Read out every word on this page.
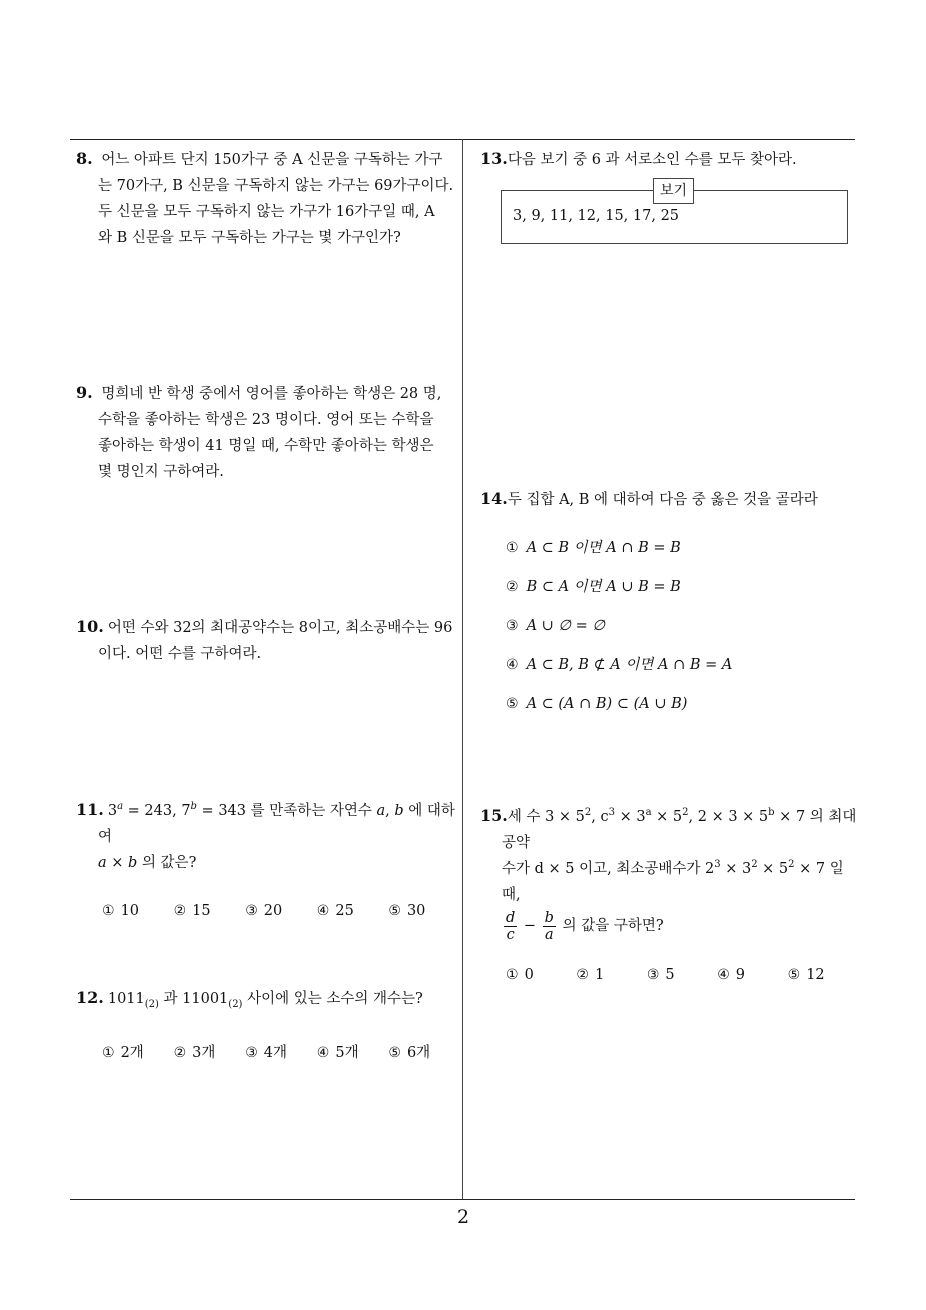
2
8. 어느 아파트 단지 150가구 중 A 신문을 구독하는 가구
는 70가구, B 신문을 구독하지 않는 가구는 69가구이다.
두 신문을 모두 구독하지 않는 가구가 16가구일 때, A
와 B 신문을 모두 구독하는 가구는 몇 가구인가?
9. 명희네 반 학생 중에서 영어를 좋아하는 학생은 28 명,
수학을 좋아하는 학생은 23 명이다. 영어 또는 수학을
좋아하는 학생이 41 명일 때, 수학만 좋아하는 학생은
몇 명인지 구하여라.
10. 어떤 수와 32의 최대공약수는 8이고, 최소공배수는 96
이다. 어떤 수를 구하여라.
11. $3^a = 243$, $7^b = 343$ 를 만족하는 자연수 a, b 에 대하여
a × b 의 값은?
① 10	② 15	③ 20	④ 25	⑤ 30
12. $1011_{(2)}$ 과 $11001_{(2)}$ 사이에 있는 소수의 개수는?
① 2개	② 3개	③ 4개	④ 5개	⑤ 6개
13.다음 보기 중 6 과 서로소인 수를 모두 찾아라.
보기
3, 9, 11, 12, 15, 17, 25
14.두 집합 A, B 에 대하여 다음 중 옳은 것을 골라라
① A ⊂ B 이면 A ∩ B = B
② B ⊂ A 이면 A ∪ B = B
③ A ∪ ∅ = ∅
④ A ⊂ B, B ⊄ A 이면 A ∩ B = A
⑤ A ⊂ (A ∩ B) ⊂ (A ∪ B)
15.세 수 $3 \times 5^2$, $c^3 \times 3^a \times 5^2$, $2 \times 3 \times 5^b \times 7$ 의 최대공약
수가 d × 5 이고, 최소공배수가 $2^3 \times 3^2 \times 5^2 \times 7$ 일 때,
$\frac{d}{c} - \frac{b}{a}$ 의 값을 구하면?
① 0	② 1	③ 5	④ 9	⑤ 12
